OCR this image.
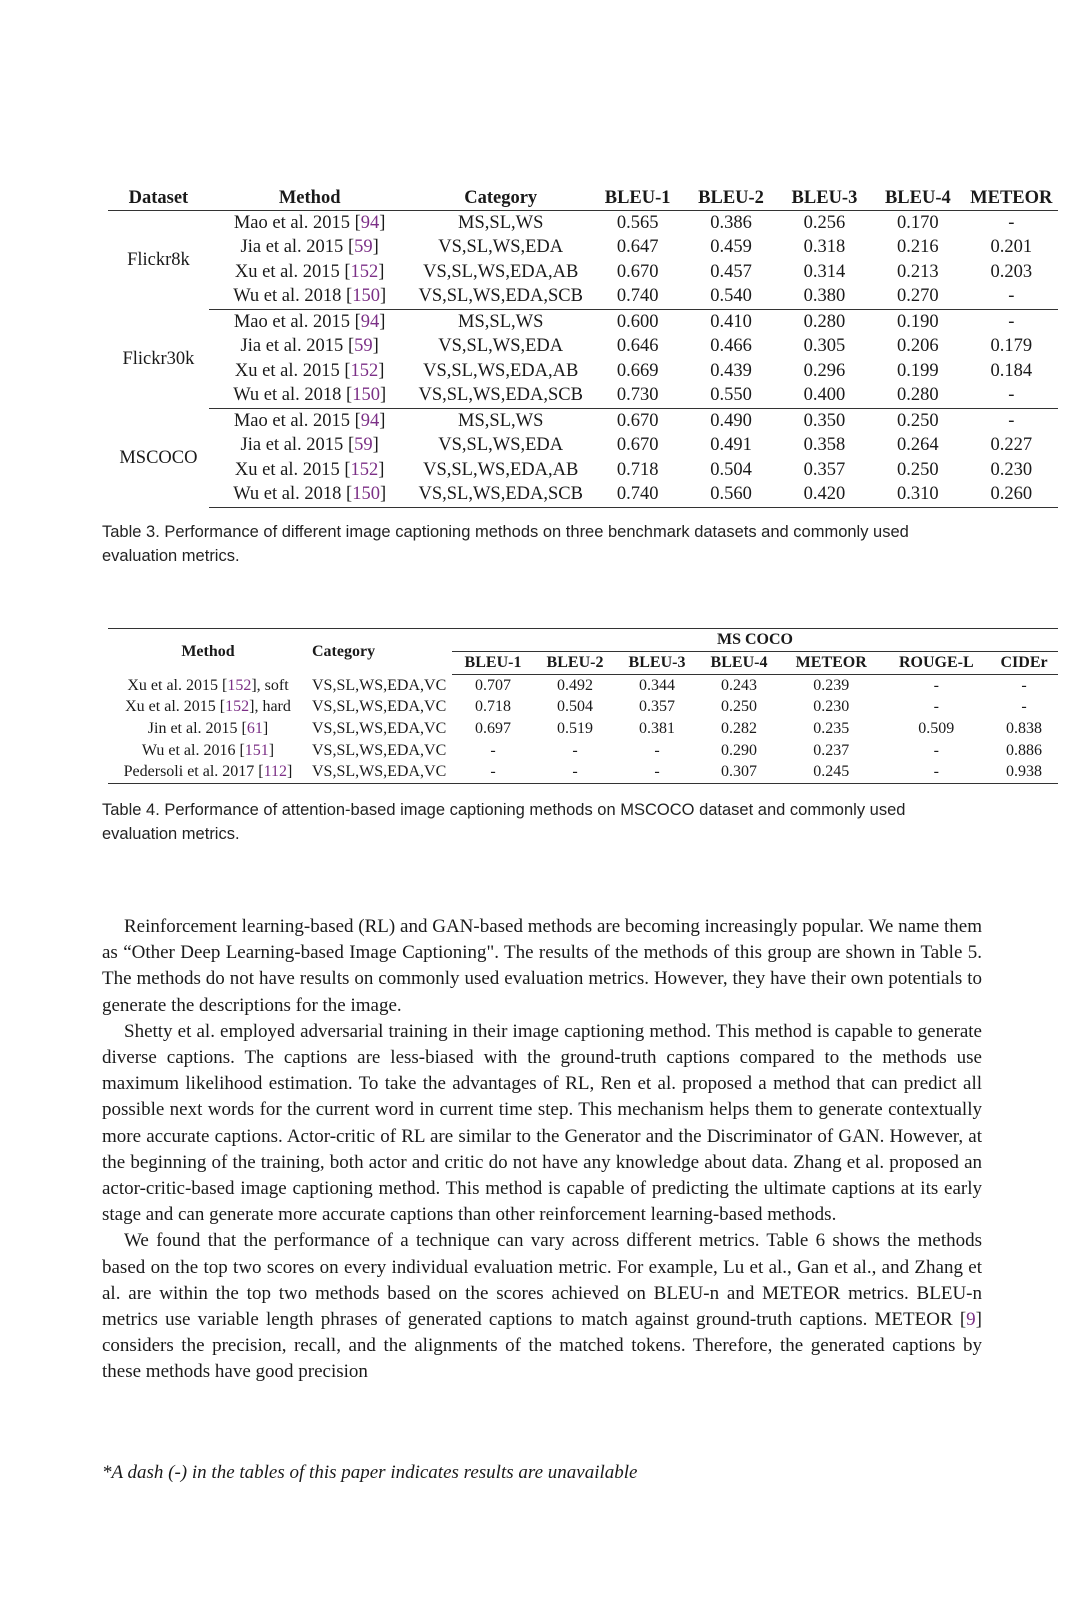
Dataset	Method	Category	BLEU-1	BLEU-2	BLEU-3	BLEU-4	METEOR
Flickr8k	Mao et al. 2015 [94]	MS,SL,WS	0.565	0.386	0.256	0.170	-
	Jia et al. 2015 [59]	VS,SL,WS,EDA	0.647	0.459	0.318	0.216	0.201
	Xu et al. 2015 [152]	VS,SL,WS,EDA,AB	0.670	0.457	0.314	0.213	0.203
	Wu et al. 2018 [150]	VS,SL,WS,EDA,SCB	0.740	0.540	0.380	0.270	-
Flickr30k	Mao et al. 2015 [94]	MS,SL,WS	0.600	0.410	0.280	0.190	-
	Jia et al. 2015 [59]	VS,SL,WS,EDA	0.646	0.466	0.305	0.206	0.179
	Xu et al. 2015 [152]	VS,SL,WS,EDA,AB	0.669	0.439	0.296	0.199	0.184
	Wu et al. 2018 [150]	VS,SL,WS,EDA,SCB	0.730	0.550	0.400	0.280	-
MSCOCO	Mao et al. 2015 [94]	MS,SL,WS	0.670	0.490	0.350	0.250	-
	Jia et al. 2015 [59]	VS,SL,WS,EDA	0.670	0.491	0.358	0.264	0.227
	Xu et al. 2015 [152]	VS,SL,WS,EDA,AB	0.718	0.504	0.357	0.250	0.230
	Wu et al. 2018 [150]	VS,SL,WS,EDA,SCB	0.740	0.560	0.420	0.310	0.260
Table 3. Performance of different image captioning methods on three benchmark datasets and commonly used evaluation metrics.
Method	Category	MS COCO						
		BLEU-1	BLEU-2	BLEU-3	BLEU-4	METEOR	ROUGE-L	CIDEr
Xu et al. 2015 [152], soft	VS,SL,WS,EDA,VC	0.707	0.492	0.344	0.243	0.239	-	-
Xu et al. 2015 [152], hard	VS,SL,WS,EDA,VC	0.718	0.504	0.357	0.250	0.230	-	-
Jin et al. 2015 [61]	VS,SL,WS,EDA,VC	0.697	0.519	0.381	0.282	0.235	0.509	0.838
Wu et al. 2016 [151]	VS,SL,WS,EDA,VC	-	-	-	0.290	0.237	-	0.886
Pedersoli et al. 2017 [112]	VS,SL,WS,EDA,VC	-	-	-	0.307	0.245	-	0.938
Table 4. Performance of attention-based image captioning methods on MSCOCO dataset and commonly used evaluation metrics.

Reinforcement learning-based (RL) and GAN-based methods are becoming increasingly popular. We name them as “Other Deep Learning-based Image Captioning". The results of the methods of this group are shown in Table 5. The methods do not have results on commonly used evaluation metrics. However, they have their own potentials to generate the descriptions for the image.

Shetty et al. employed adversarial training in their image captioning method. This method is capable to generate diverse captions. The captions are less-biased with the ground-truth captions compared to the methods use maximum likelihood estimation. To take the advantages of RL, Ren et al. proposed a method that can predict all possible next words for the current word in current time step. This mechanism helps them to generate contextually more accurate captions. Actor-critic of RL are similar to the Generator and the Discriminator of GAN. However, at the beginning of the training, both actor and critic do not have any knowledge about data. Zhang et al. proposed an actor-critic-based image captioning method. This method is capable of predicting the ultimate captions at its early stage and can generate more accurate captions than other reinforcement learning-based methods.

We found that the performance of a technique can vary across different metrics. Table 6 shows the methods based on the top two scores on every individual evaluation metric. For example, Lu et al., Gan et al., and Zhang et al. are within the top two methods based on the scores achieved on BLEU-n and METEOR metrics. BLEU-n metrics use variable length phrases of generated captions to match against ground-truth captions. METEOR [9] considers the precision, recall, and the alignments of the matched tokens. Therefore, the generated captions by these methods have good precision

*A dash (-) in the tables of this paper indicates results are unavailable
